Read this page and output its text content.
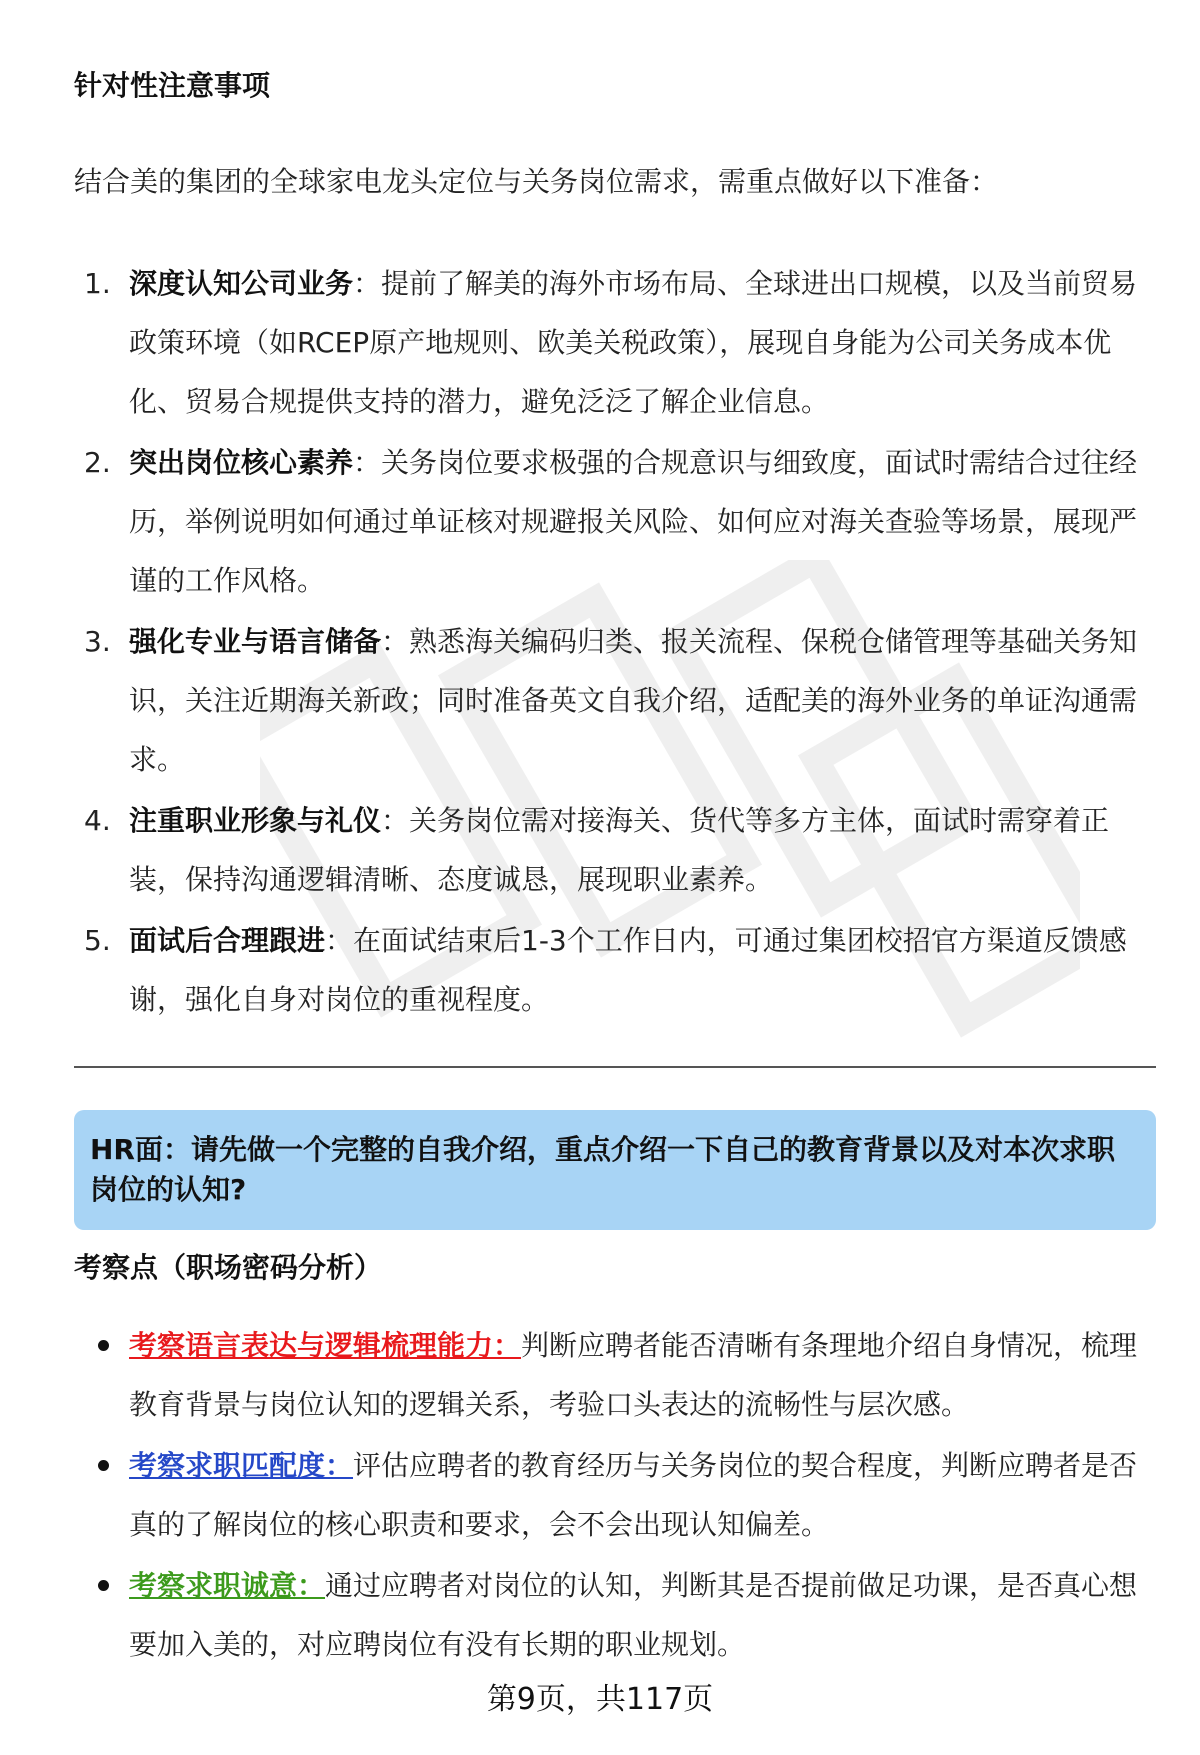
针对性注意事项
结合美的集团的全球家电龙头定位与关务岗位需求，需重点做好以下准备：
1. 深度认知公司业务：提前了解美的海外市场布局、全球进出口规模，以及当前贸易政策环境（如RCEP原产地规则、欧美关税政策），展现自身能为公司关务成本优化、贸易合规提供支持的潜力，避免泛泛了解企业信息。
2. 突出岗位核心素养：关务岗位要求极强的合规意识与细致度，面试时需结合过往经历，举例说明如何通过单证核对规避报关风险、如何应对海关查验等场景，展现严谨的工作风格。
3. 强化专业与语言储备：熟悉海关编码归类、报关流程、保税仓储管理等基础关务知识，关注近期海关新政；同时准备英文自我介绍，适配美的海外业务的单证沟通需求。
4. 注重职业形象与礼仪：关务岗位需对接海关、货代等多方主体，面试时需穿着正装，保持沟通逻辑清晰、态度诚恳，展现职业素养。
5. 面试后合理跟进：在面试结束后1-3个工作日内，可通过集团校招官方渠道反馈感谢，强化自身对岗位的重视程度。
HR面：请先做一个完整的自我介绍，重点介绍一下自己的教育背景以及对本次求职岗位的认知?
考察点（职场密码分析）
考察语言表达与逻辑梳理能力：判断应聘者能否清晰有条理地介绍自身情况，梳理教育背景与岗位认知的逻辑关系，考验口头表达的流畅性与层次感。
考察求职匹配度：评估应聘者的教育经历与关务岗位的契合程度，判断应聘者是否真的了解岗位的核心职责和要求，会不会出现认知偏差。
考察求职诚意：通过应聘者对岗位的认知，判断其是否提前做足功课，是否真心想要加入美的，对应聘岗位有没有长期的职业规划。
第9页，共117页
